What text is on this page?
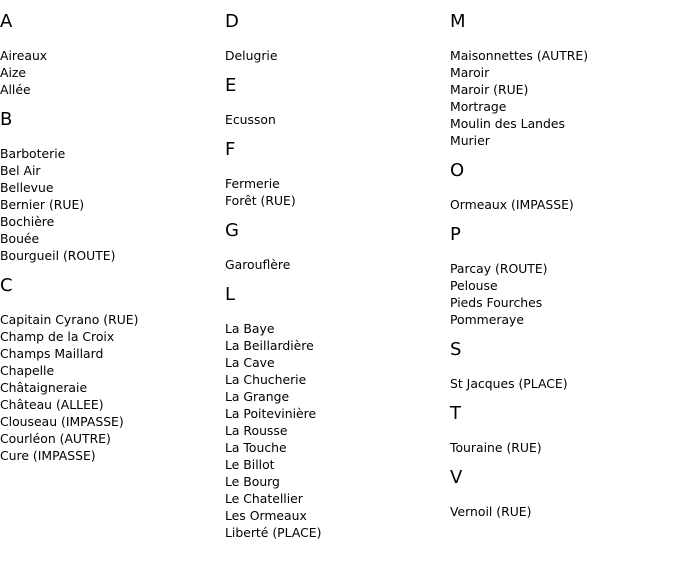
A
Aireaux
Aize
Allée
B
Barboterie
Bel Air
Bellevue
Bernier (RUE)
Bochière
Bouée
Bourgueil (ROUTE)
C
Capitain Cyrano (RUE)
Champ de la Croix
Champs Maillard
Chapelle
Châtaigneraie
Château (ALLEE)
Clouseau (IMPASSE)
Courléon (AUTRE)
Cure (IMPASSE)
D
Delugrie
E
Ecusson
F
Fermerie
Forêt (RUE)
G
Garouflère
L
La Baye
La Beillardière
La Cave
La Chucherie
La Grange
La Poitevinière
La Rousse
La Touche
Le Billot
Le Bourg
Le Chatellier
Les Ormeaux
Liberté (PLACE)
M
Maisonnettes (AUTRE)
Maroir
Maroir (RUE)
Mortrage
Moulin des Landes
Murier
O
Ormeaux (IMPASSE)
P
Parcay (ROUTE)
Pelouse
Pieds Fourches
Pommeraye
S
St Jacques (PLACE)
T
Touraine (RUE)
V
Vernoil (RUE)
